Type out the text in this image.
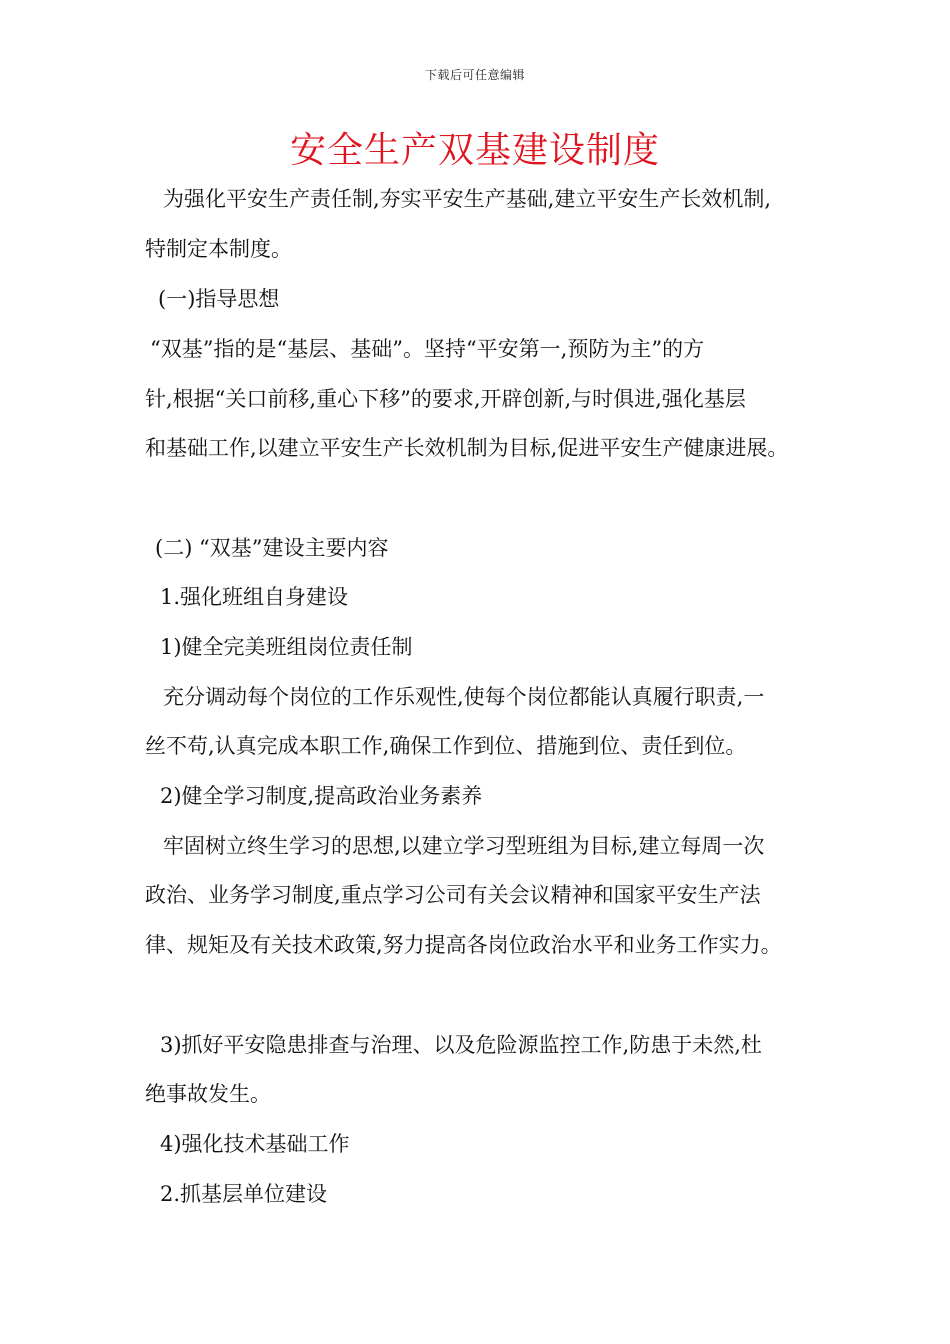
下载后可任意编辑
安全生产双基建设制度
为强化平安生产责任制,夯实平安生产基础,建立平安生产长效机制,
特制定本制度。
(一)指导思想
“双基”指的是“基层、基础”。坚持“平安第一,预防为主”的方
针,根据“关口前移,重心下移”的要求,开辟创新,与时俱进,强化基层
和基础工作,以建立平安生产长效机制为目标,促进平安生产健康进展。
(二) “双基”建设主要内容
1.强化班组自身建设
1)健全完美班组岗位责任制
充分调动每个岗位的工作乐观性,使每个岗位都能认真履行职责,一
丝不苟,认真完成本职工作,确保工作到位、措施到位、责任到位。
2)健全学习制度,提高政治业务素养
牢固树立终生学习的思想,以建立学习型班组为目标,建立每周一次
政治、业务学习制度,重点学习公司有关会议精神和国家平安生产法
律、规矩及有关技术政策,努力提高各岗位政治水平和业务工作实力。
3)抓好平安隐患排查与治理、以及危险源监控工作,防患于未然,杜
绝事故发生。
4)强化技术基础工作
2.抓基层单位建设
